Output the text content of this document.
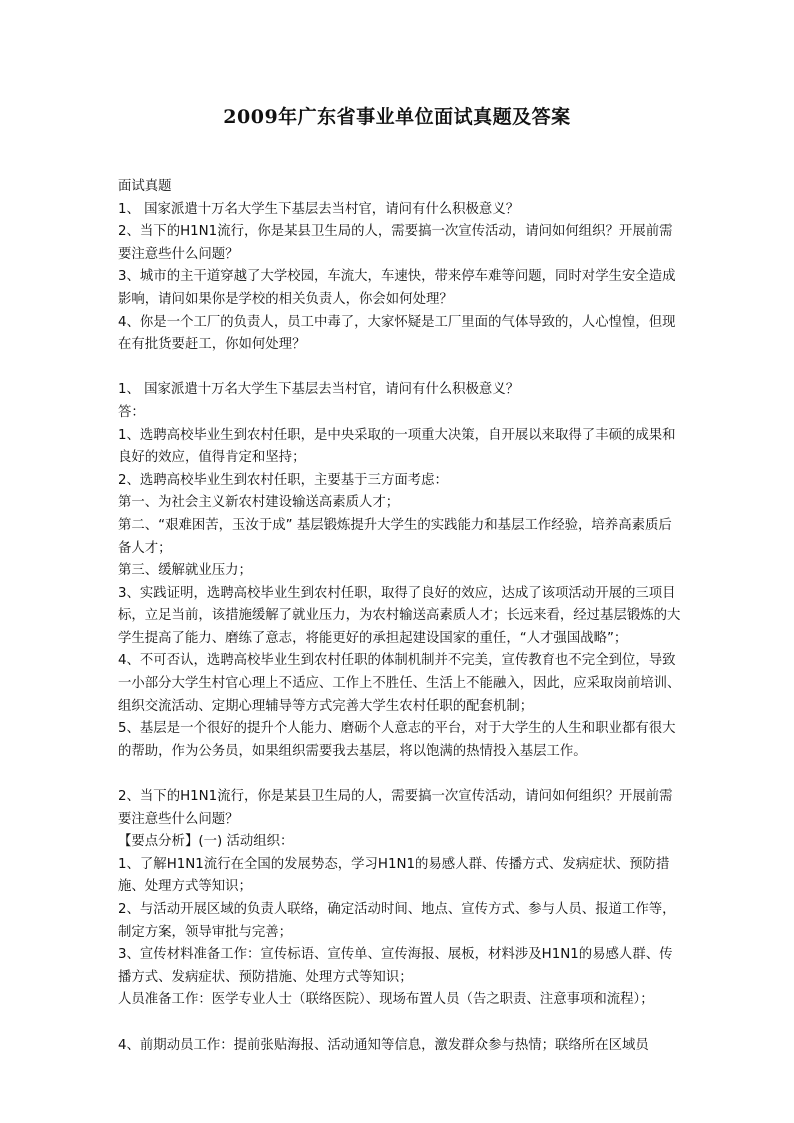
2009年广东省事业单位面试真题及答案

面试真题

1、 国家派遣十万名大学生下基层去当村官，请问有什么积极意义？

2、当下的H1N1流行，你是某县卫生局的人，需要搞一次宣传活动，请问如何组织？开展前需要注意些什么问题？

3、城市的主干道穿越了大学校园，车流大，车速快，带来停车难等问题，同时对学生安全造成影响，请问如果你是学校的相关负责人，你会如何处理？

4、你是一个工厂的负责人，员工中毒了，大家怀疑是工厂里面的气体导致的，人心惶惶，但现在有批货要赶工，你如何处理？

1、 国家派遣十万名大学生下基层去当村官，请问有什么积极意义？

答：

1、选聘高校毕业生到农村任职，是中央采取的一项重大决策，自开展以来取得了丰硕的成果和良好的效应，值得肯定和坚持；

2、选聘高校毕业生到农村任职，主要基于三方面考虑：

第一、为社会主义新农村建设输送高素质人才；

第二、“艰难困苦，玉汝于成” 基层锻炼提升大学生的实践能力和基层工作经验，培养高素质后备人才；

第三、缓解就业压力；

3、实践证明，选聘高校毕业生到农村任职，取得了良好的效应，达成了该项活动开展的三项目标，立足当前，该措施缓解了就业压力，为农村输送高素质人才；长远来看，经过基层锻炼的大学生提高了能力、磨练了意志，将能更好的承担起建设国家的重任，“人才强国战略”；

4、不可否认，选聘高校毕业生到农村任职的体制机制并不完美，宣传教育也不完全到位，导致一小部分大学生村官心理上不适应、工作上不胜任、生活上不能融入，因此，应采取岗前培训、组织交流活动、定期心理辅导等方式完善大学生农村任职的配套机制；

5、基层是一个很好的提升个人能力、磨砺个人意志的平台，对于大学生的人生和职业都有很大的帮助，作为公务员，如果组织需要我去基层，将以饱满的热情投入基层工作。

2、当下的H1N1流行，你是某县卫生局的人，需要搞一次宣传活动，请问如何组织？开展前需要注意些什么问题？

【要点分析】(一) 活动组织：

1、了解H1N1流行在全国的发展势态，学习H1N1的易感人群、传播方式、发病症状、预防措施、处理方式等知识；

2、与活动开展区域的负责人联络，确定活动时间、地点、宣传方式、参与人员、报道工作等，制定方案，领导审批与完善；

3、宣传材料准备工作：宣传标语、宣传单、宣传海报、展板，材料涉及H1N1的易感人群、传播方式、发病症状、预防措施、处理方式等知识；

人员准备工作：医学专业人士（联络医院）、现场布置人员（告之职责、注意事项和流程）；

4、前期动员工作：提前张贴海报、活动通知等信息，激发群众参与热情；联络所在区域员
